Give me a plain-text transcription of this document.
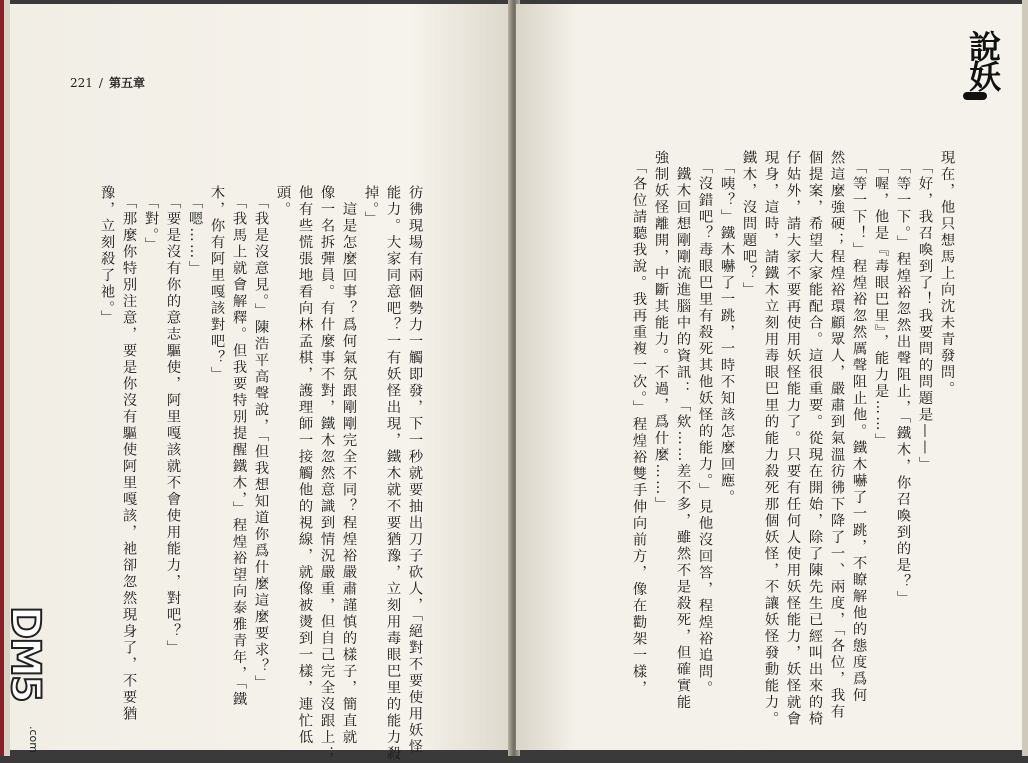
221 / 第五章	說妖
彷彿現場有兩個勢力一觸即發，下一秒就要抽出刀子砍人，「絕對不要使用妖怪
能力。大家同意吧？一有妖怪出現，鐵木就不要猶豫，立刻用毒眼巴里的能力殺
掉。」
　這是怎麼回事？爲何氣氛跟剛剛完全不同？程煌裕嚴肅謹慎的樣子，簡直就
像一名拆彈員。有什麼事不對，鐵木忽然意識到情況嚴重，但自己完全沒跟上；
他有些慌張地看向林孟棋，護理師一接觸他的視線，就像被燙到一樣，連忙低
頭。
　「我是沒意見。」陳浩平高聲說，「但我想知道你爲什麼這麼要求？」
　「我馬上就會解釋。但我要特別提醒鐵木，」程煌裕望向泰雅青年，「鐵
木，你有阿里嘎該對吧？」
　「嗯……」
　「要是沒有你的意志驅使，阿里嘎該就不會使用能力，對吧？」
　「對。」
　「那麼你特別注意，要是你沒有驅使阿里嘎該，祂卻忽然現身了，不要猶
豫，立刻殺了祂。」	現在，他只想馬上向沈未青發問。
　「好，我召喚到了！我要問的問題是——」
　「等一下。」程煌裕忽然出聲阻止，「鐵木，你召喚到的是？」
　「喔，他是『毒眼巴里』，能力是……」
　「等一下！」程煌裕忽然厲聲阻止他。鐵木嚇了一跳，不瞭解他的態度爲何
然這麼強硬；程煌裕環顧眾人，嚴肅到氣溫彷彿下降了一、兩度，「各位，我有
個提案，希望大家能配合。這很重要。從現在開始，除了陳先生已經叫出來的椅
仔姑外，請大家不要再使用妖怪能力了。只要有任何人使用妖怪能力，妖怪就會
現身，這時，請鐵木立刻用毒眼巴里的能力殺死那個妖怪，不讓妖怪發動能力。
鐵木，沒問題吧？」
　「咦？」鐵木嚇了一跳，一時不知該怎麼回應。
　「沒錯吧？毒眼巴里有殺死其他妖怪的能力。」見他沒回答，程煌裕追問。
　鐵木回想剛剛流進腦中的資訊：「欸……差不多，雖然不是殺死，但確實能
強制妖怪離開，中斷其能力。不過，爲什麼……」
　「各位請聽我說。我再重複一次。」程煌裕雙手伸向前方，像在勸架一樣，
DM5
.com
